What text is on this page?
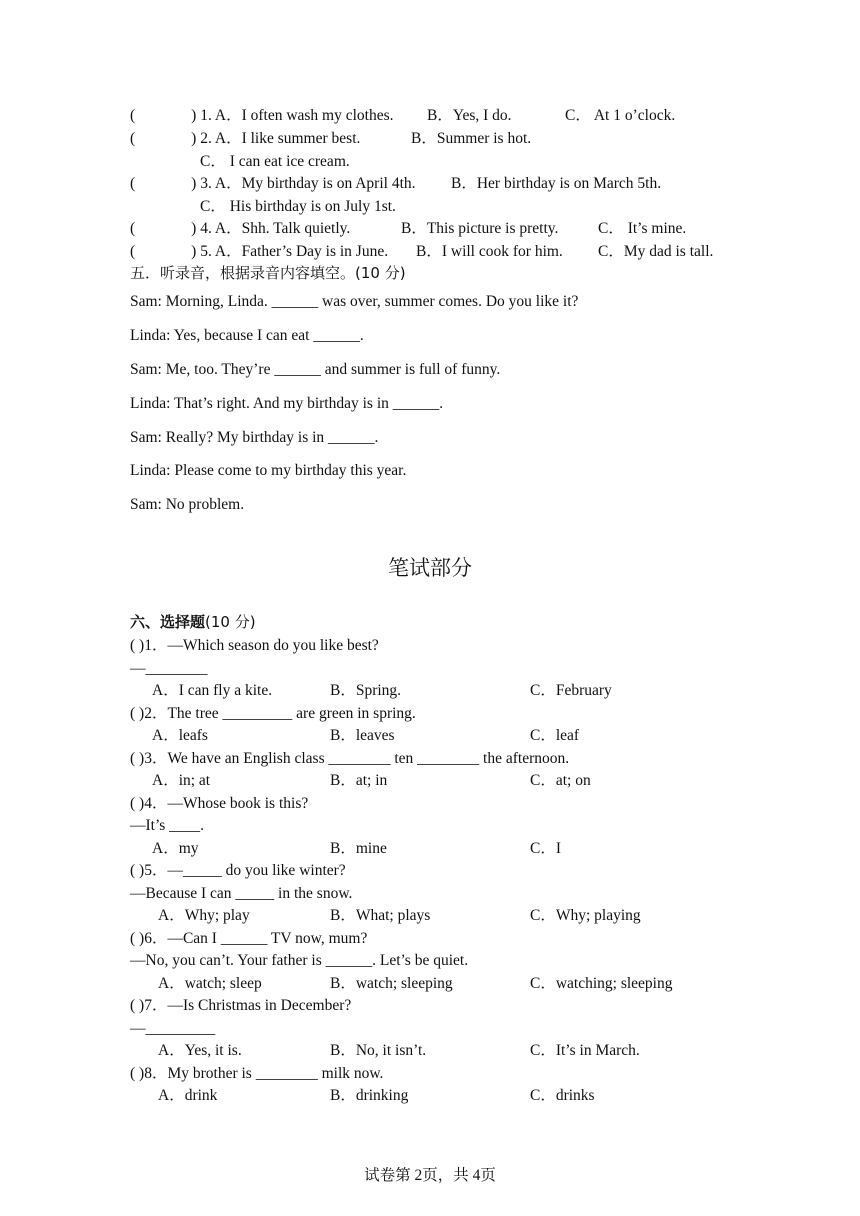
(	) 1. A．I often wash my clothes. B．Yes, I do.	C． At 1 o’clock.
(	) 2. A．I like summer best.	B．Summer is hot.
C． I can eat ice cream.
(	) 3. A．My birthday is on April 4th. B．Her birthday is on March 5th.
C． His birthday is on July 1st.
(	) 4. A．Shh. Talk quietly.	B．This picture is pretty.	C． It’s mine.
(	) 5. A．Father’s Day is in June. B．I will cook for him. C．My dad is tall.
五．听录音，根据录音内容填空。(10 分)
Sam: Morning, Linda. ______ was over, summer comes. Do you like it?
Linda: Yes, because I can eat ______.
Sam: Me, too. They’re ______ and summer is full of funny.
Linda: That’s right. And my birthday is in ______.
Sam: Really? My birthday is in ______.
Linda: Please come to my birthday this year.
Sam: No problem.
笔试部分
六、选择题(10 分)
( )1．—Which season do you like best?
—________
A．I can fly a kite.	B．Spring.	C．February
( )2．The tree _________ are green in spring.
A．leafs	B．leaves	C．leaf
( )3．We have an English class ________ ten ________ the afternoon.
A．in; at	B．at; in	C．at; on
( )4．—Whose book is this?
—It’s ____.
A．my	B．mine	C．I
( )5．—_____ do you like winter?
—Because I can _____ in the snow.
A．Why; play	B．What; plays	C．Why; playing
( )6．—Can I ______ TV now, mum?
—No, you can’t. Your father is ______. Let’s be quiet.
A．watch; sleep	B．watch; sleeping	C．watching; sleeping
( )7．—Is Christmas in December?
—_________
A．Yes, it is.	B．No, it isn’t.	C．It’s in March.
( )8．My brother is ________ milk now.
A．drink	B．drinking	C．drinks
试卷第 2页，共 4页
